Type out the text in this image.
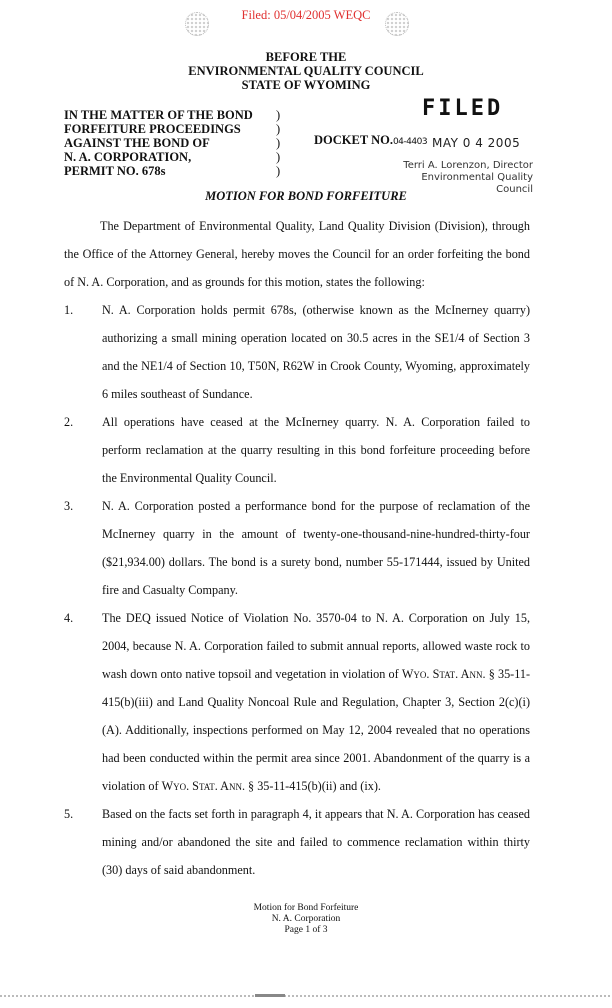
Filed: 05/04/2005 WEQC
BEFORE THE
ENVIRONMENTAL QUALITY COUNCIL
STATE OF WYOMING
IN THE MATTER OF THE BOND
FORFEITURE PROCEEDINGS
AGAINST THE BOND OF
N. A. CORPORATION,
PERMIT NO. 678s
)
)
)
)
)
DOCKET NO.04-4403
FILED
MAY 0 4 2005
Terri A. Lorenzon, Director
Environmental Quality Council
MOTION FOR BOND FORFEITURE
The Department of Environmental Quality, Land Quality Division (Division), through the Office of the Attorney General, hereby moves the Council for an order forfeiting the bond of N. A. Corporation, and as grounds for this motion, states the following:
1. N. A. Corporation holds permit 678s, (otherwise known as the McInerney quarry) authorizing a small mining operation located on 30.5 acres in the SE1/4 of Section 3 and the NE1/4 of Section 10, T50N, R62W in Crook County, Wyoming, approximately 6 miles southeast of Sundance.
2. All operations have ceased at the McInerney quarry. N. A. Corporation failed to perform reclamation at the quarry resulting in this bond forfeiture proceeding before the Environmental Quality Council.
3. N. A. Corporation posted a performance bond for the purpose of reclamation of the McInerney quarry in the amount of twenty-one-thousand-nine-hundred-thirty-four ($21,934.00) dollars. The bond is a surety bond, number 55-171444, issued by United fire and Casualty Company.
4. The DEQ issued Notice of Violation No. 3570-04 to N. A. Corporation on July 15, 2004, because N. A. Corporation failed to submit annual reports, allowed waste rock to wash down onto native topsoil and vegetation in violation of Wyo. Stat. Ann. § 35-11-415(b)(iii) and Land Quality Noncoal Rule and Regulation, Chapter 3, Section 2(c)(i)(A). Additionally, inspections performed on May 12, 2004 revealed that no operations had been conducted within the permit area since 2001. Abandonment of the quarry is a violation of Wyo. Stat. Ann. § 35-11-415(b)(ii) and (ix).
5. Based on the facts set forth in paragraph 4, it appears that N. A. Corporation has ceased mining and/or abandoned the site and failed to commence reclamation within thirty (30) days of said abandonment.
Motion for Bond Forfeiture
N. A. Corporation
Page 1 of 3
